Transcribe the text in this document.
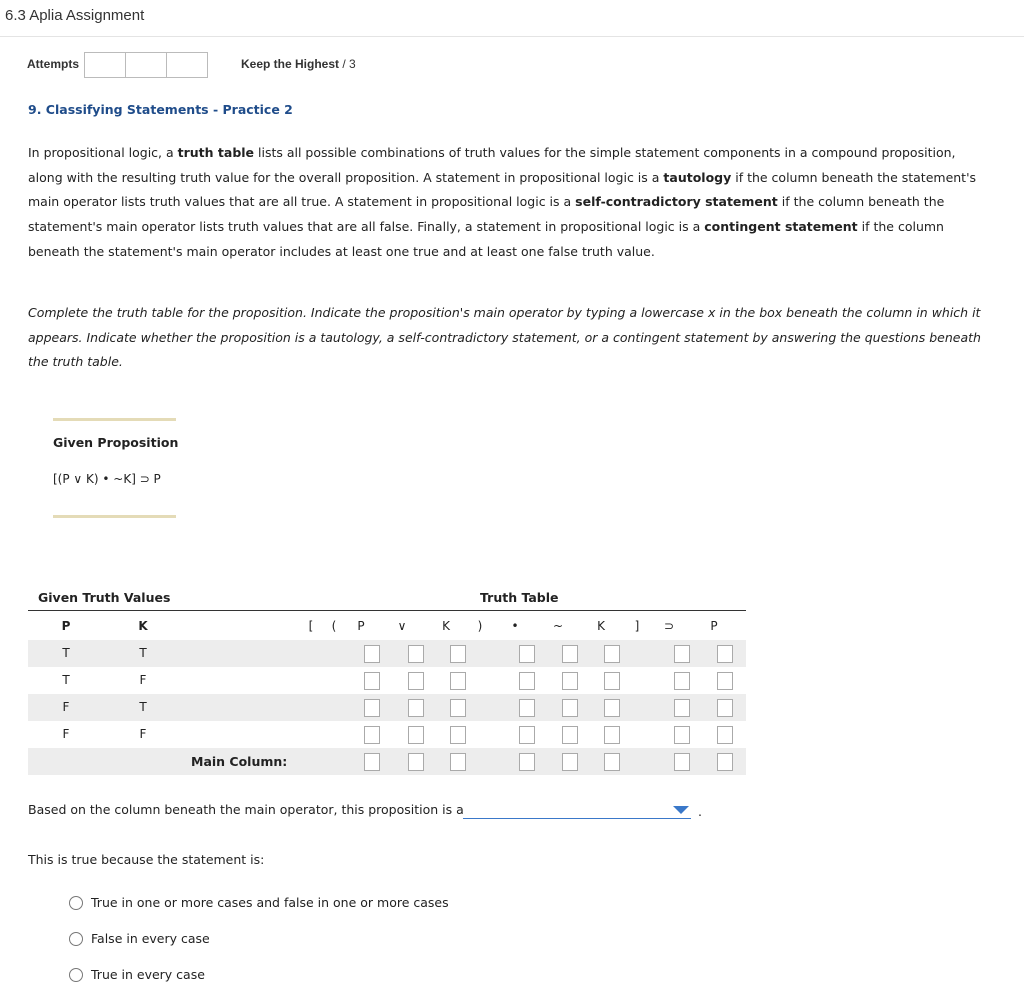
6.3 Aplia Assignment
Attempts	Keep the Highest / 3
9. Classifying Statements - Practice 2
In propositional logic, a truth table lists all possible combinations of truth values for the simple statement components in a compound proposition, along with the resulting truth value for the overall proposition. A statement in propositional logic is a tautology if the column beneath the statement's main operator lists truth values that are all true. A statement in propositional logic is a self-contradictory statement if the column beneath the statement's main operator lists truth values that are all false. Finally, a statement in propositional logic is a contingent statement if the column beneath the statement's main operator includes at least one true and at least one false truth value.
Complete the truth table for the proposition. Indicate the proposition's main operator by typing a lowercase x in the box beneath the column in which it appears. Indicate whether the proposition is a tautology, a self-contradictory statement, or a contingent statement by answering the questions beneath the truth table.
Given Proposition
[(P ∨ K) • ~K] ⊃ P
Given Truth Values	Truth Table
P	K	[	(	P	∨	K	)	•	~	K	]	⊃	P
T	T
T	F
F	T
F	F
Main Column:
Based on the column beneath the main operator, this proposition is a	.
This is true because the statement is:
True in one or more cases and false in one or more cases
False in every case
True in every case
